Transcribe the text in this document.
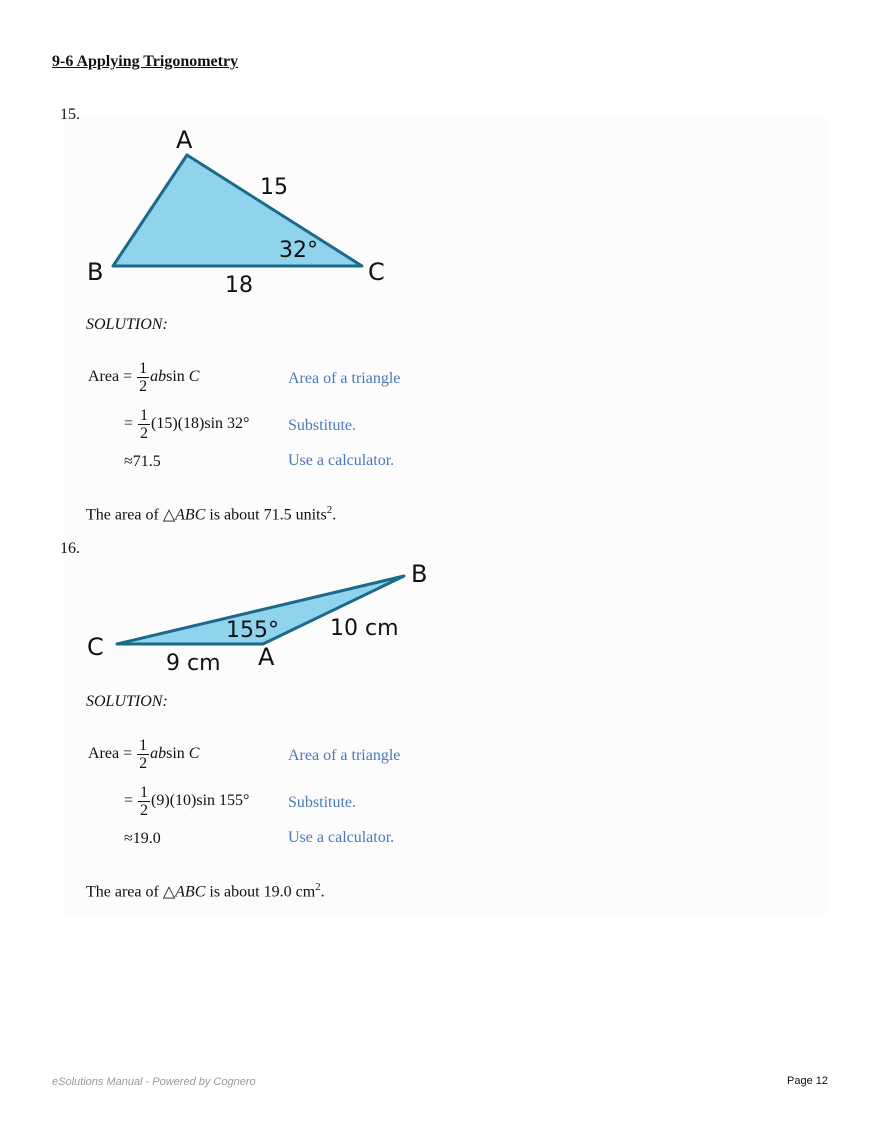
9-6 Applying Trigonometry
15.
A
B	C
15
18
32°
SOLUTION:
Area = $\frac{1}{2}$ absin C	Area of a triangle
= $\frac{1}{2} (15)(18)\sin$ 32° Substitute.
≈71.5	Use a calculator.
The area of △ABC is about 71.5 units$^2$.
16.
B
C	A
10 cm
9 cm
155°
SOLUTION:
Area = $\frac{1}{2}$ absin C	Area of a triangle
= $\frac{1}{2} (9)(10)\sin$ 155° Substitute.
≈19.0	Use a calculator.
The area of △ABC is about 19.0 $cm^2$.
eSolutions Manual - Powered by Cognero	Page 12
